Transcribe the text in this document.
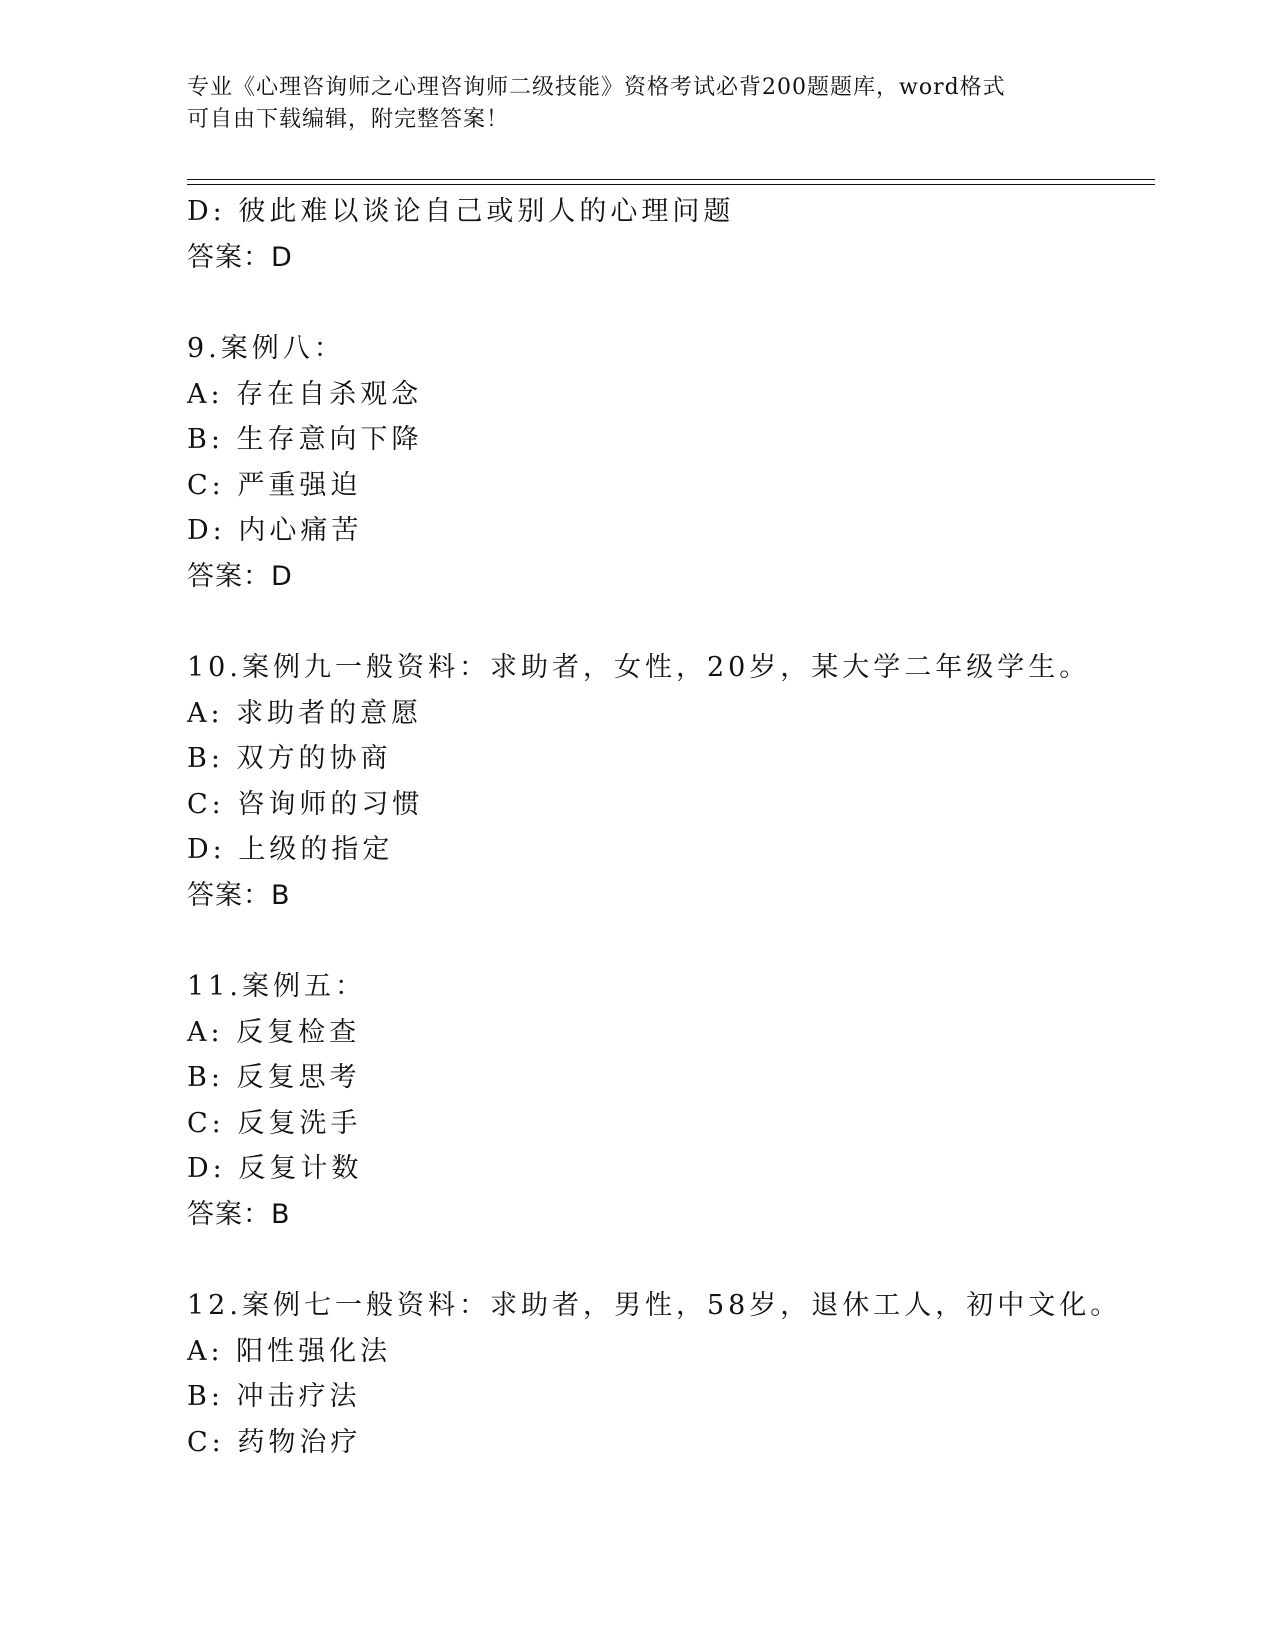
专业《心理咨询师之心理咨询师二级技能》资格考试必背200题题库，word格式
可自由下载编辑，附完整答案！
D: 彼此难以谈论自己或别人的心理问题
答案：D
9.案例八：
A: 存在自杀观念
B: 生存意向下降
C: 严重强迫
D: 内心痛苦
答案：D
10.案例九一般资料：求助者，女性，20岁，某大学二年级学生。
A: 求助者的意愿
B: 双方的协商
C: 咨询师的习惯
D: 上级的指定
答案：B
11.案例五：
A: 反复检查
B: 反复思考
C: 反复洗手
D: 反复计数
答案：B
12.案例七一般资料：求助者，男性，58岁，退休工人，初中文化。
A: 阳性强化法
B: 冲击疗法
C: 药物治疗
